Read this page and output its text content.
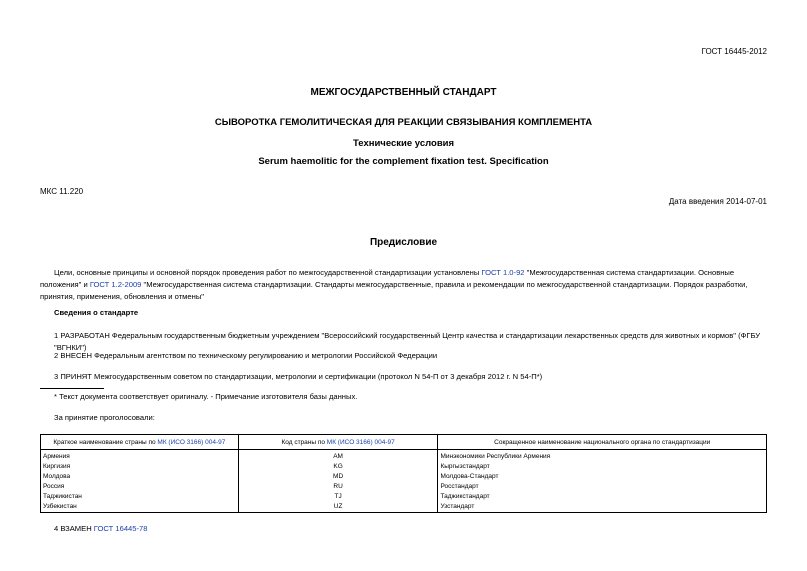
ГОСТ 16445-2012
МЕЖГОСУДАРСТВЕННЫЙ СТАНДАРТ
СЫВОРОТКА ГЕМОЛИТИЧЕСКАЯ ДЛЯ РЕАКЦИИ СВЯЗЫВАНИЯ КОМПЛЕМЕНТА
Технические условия
Serum haemolitic for the complement fixation test. Specification
МКС 11.220
Дата введения 2014-07-01
Предисловие
Цели, основные принципы и основной порядок проведения работ по межгосударственной стандартизации установлены ГОСТ 1.0-92 "Межгосударственная система стандартизации. Основные положения" и ГОСТ 1.2-2009 "Межгосударственная система стандартизации. Стандарты межгосударственные, правила и рекомендации по межгосударственной стандартизации. Порядок разработки, принятия, применения, обновления и отмены"
Сведения о стандарте
1 РАЗРАБОТАН Федеральным государственным бюджетным учреждением "Всероссийский государственный Центр качества и стандартизации лекарственных средств для животных и кормов" (ФГБУ "ВГНКИ")
2 ВНЕСЕН Федеральным агентством по техническому регулированию и метрологии Российской Федерации
3 ПРИНЯТ Межгосударственным советом по стандартизации, метрологии и сертификации (протокол N 54-П от 3 декабря 2012 г. N 54-П*)
* Текст документа соответствует оригиналу. - Примечание изготовителя базы данных.
За принятие проголосовали:
Краткое наименование страны по МК (ИСО 3166) 004-97	Код страны по МК (ИСО 3166) 004-97	Сокращенное наименование национального органа по стандартизации
Армения	AM	Минэкономики Республики Армения
Киргизия	KG	Кыргызстандарт
Молдова	MD	Молдова-Стандарт
Россия	RU	Росстандарт
Таджикистан	TJ	Таджикстандарт
Узбекистан	UZ	Узстандарт
4 ВЗАМЕН ГОСТ 16445-78
